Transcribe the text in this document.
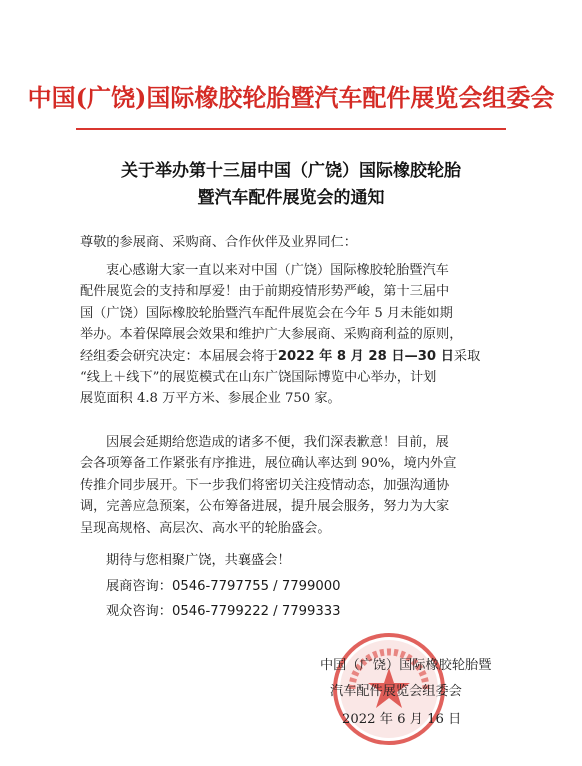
中国(广饶)国际橡胶轮胎暨汽车配件展览会组委会
关于举办第十三届中国（广饶）国际橡胶轮胎
暨汽车配件展览会的通知
尊敬的参展商、采购商、合作伙伴及业界同仁：
衷心感谢大家一直以来对中国（广饶）国际橡胶轮胎暨汽车
配件展览会的支持和厚爱！由于前期疫情形势严峻，第十三届中
国（广饶）国际橡胶轮胎暨汽车配件展览会在今年 5 月未能如期
举办。本着保障展会效果和维护广大参展商、采购商利益的原则，
经组委会研究决定：本届展会将于2022 年 8 月 28 日—30 日采取
“线上＋线下”的展览模式在山东广饶国际博览中心举办，计划
展览面积 4.8 万平方米、参展企业 750 家。
因展会延期给您造成的诸多不便，我们深表歉意！目前，展
会各项筹备工作紧张有序推进，展位确认率达到 90%，境内外宣
传推介同步展开。下一步我们将密切关注疫情动态，加强沟通协
调，完善应急预案，公布筹备进展，提升展会服务，努力为大家
呈现高规格、高层次、高水平的轮胎盛会。
期待与您相聚广饶，共襄盛会！
展商咨询：0546-7797755 / 7799000
观众咨询：0546-7799222 / 7799333
中国（广饶）国际橡胶轮胎暨
汽车配件展览会组委会
2022 年 6 月 16 日
